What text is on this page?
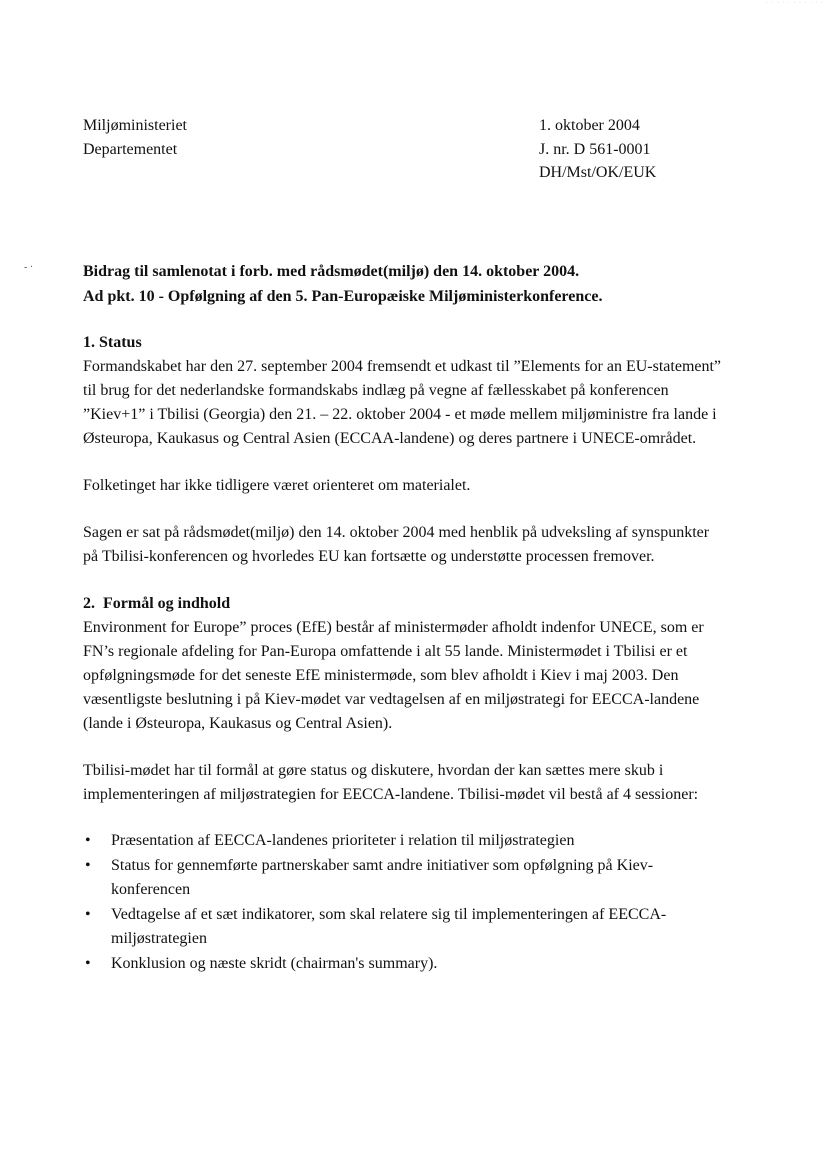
· · · · · · · · · · ·
- ·
Miljøministeriet
Departementet
1. oktober 2004
J. nr. D 561-0001
DH/Mst/OK/EUK
Bidrag til samlenotat i forb. med rådsmødet(miljø) den 14. oktober 2004.
Ad pkt. 10 - Opfølgning af den 5. Pan-Europæiske Miljøministerkonference.

1. Status

Formandskabet har den 27. september 2004 fremsendt et udkast til ”Elements for an EU-statement”
til brug for det nederlandske formandskabs indlæg på vegne af fællesskabet på konferencen
”Kiev+1” i Tbilisi (Georgia) den 21. – 22. oktober 2004 - et møde mellem miljøministre fra lande i
Østeuropa, Kaukasus og Central Asien (ECCAA-landene) og deres partnere i UNECE-området.

Folketinget har ikke tidligere været orienteret om materialet.

Sagen er sat på rådsmødet(miljø) den 14. oktober 2004 med henblik på udveksling af synspunkter
på Tbilisi-konferencen og hvorledes EU kan fortsætte og understøtte processen fremover.

2.  Formål og indhold

Environment for Europe” proces (EfE) består af ministermøder afholdt indenfor UNECE, som er
FN’s regionale afdeling for Pan-Europa omfattende i alt 55 lande. Ministermødet i Tbilisi er et
opfølgningsmøde for det seneste EfE ministermøde, som blev afholdt i Kiev i maj 2003. Den
væsentligste beslutning i på Kiev-mødet var vedtagelsen af en miljøstrategi for EECCA-landene
(lande i Østeuropa, Kaukasus og Central Asien).

Tbilisi-mødet har til formål at gøre status og diskutere, hvordan der kan sættes mere skub i
implementeringen af miljøstrategien for EECCA-landene. Tbilisi-mødet vil bestå af 4 sessioner:

• Præsentation af EECCA-landenes prioriteter i relation til miljøstrategien
• Status for gennemførte partnerskaber samt andre initiativer som opfølgning på Kiev-
konferencen
• Vedtagelse af et sæt indikatorer, som skal relatere sig til implementeringen af EECCA-
miljøstrategien
• Konklusion og næste skridt (chairman's summary).
